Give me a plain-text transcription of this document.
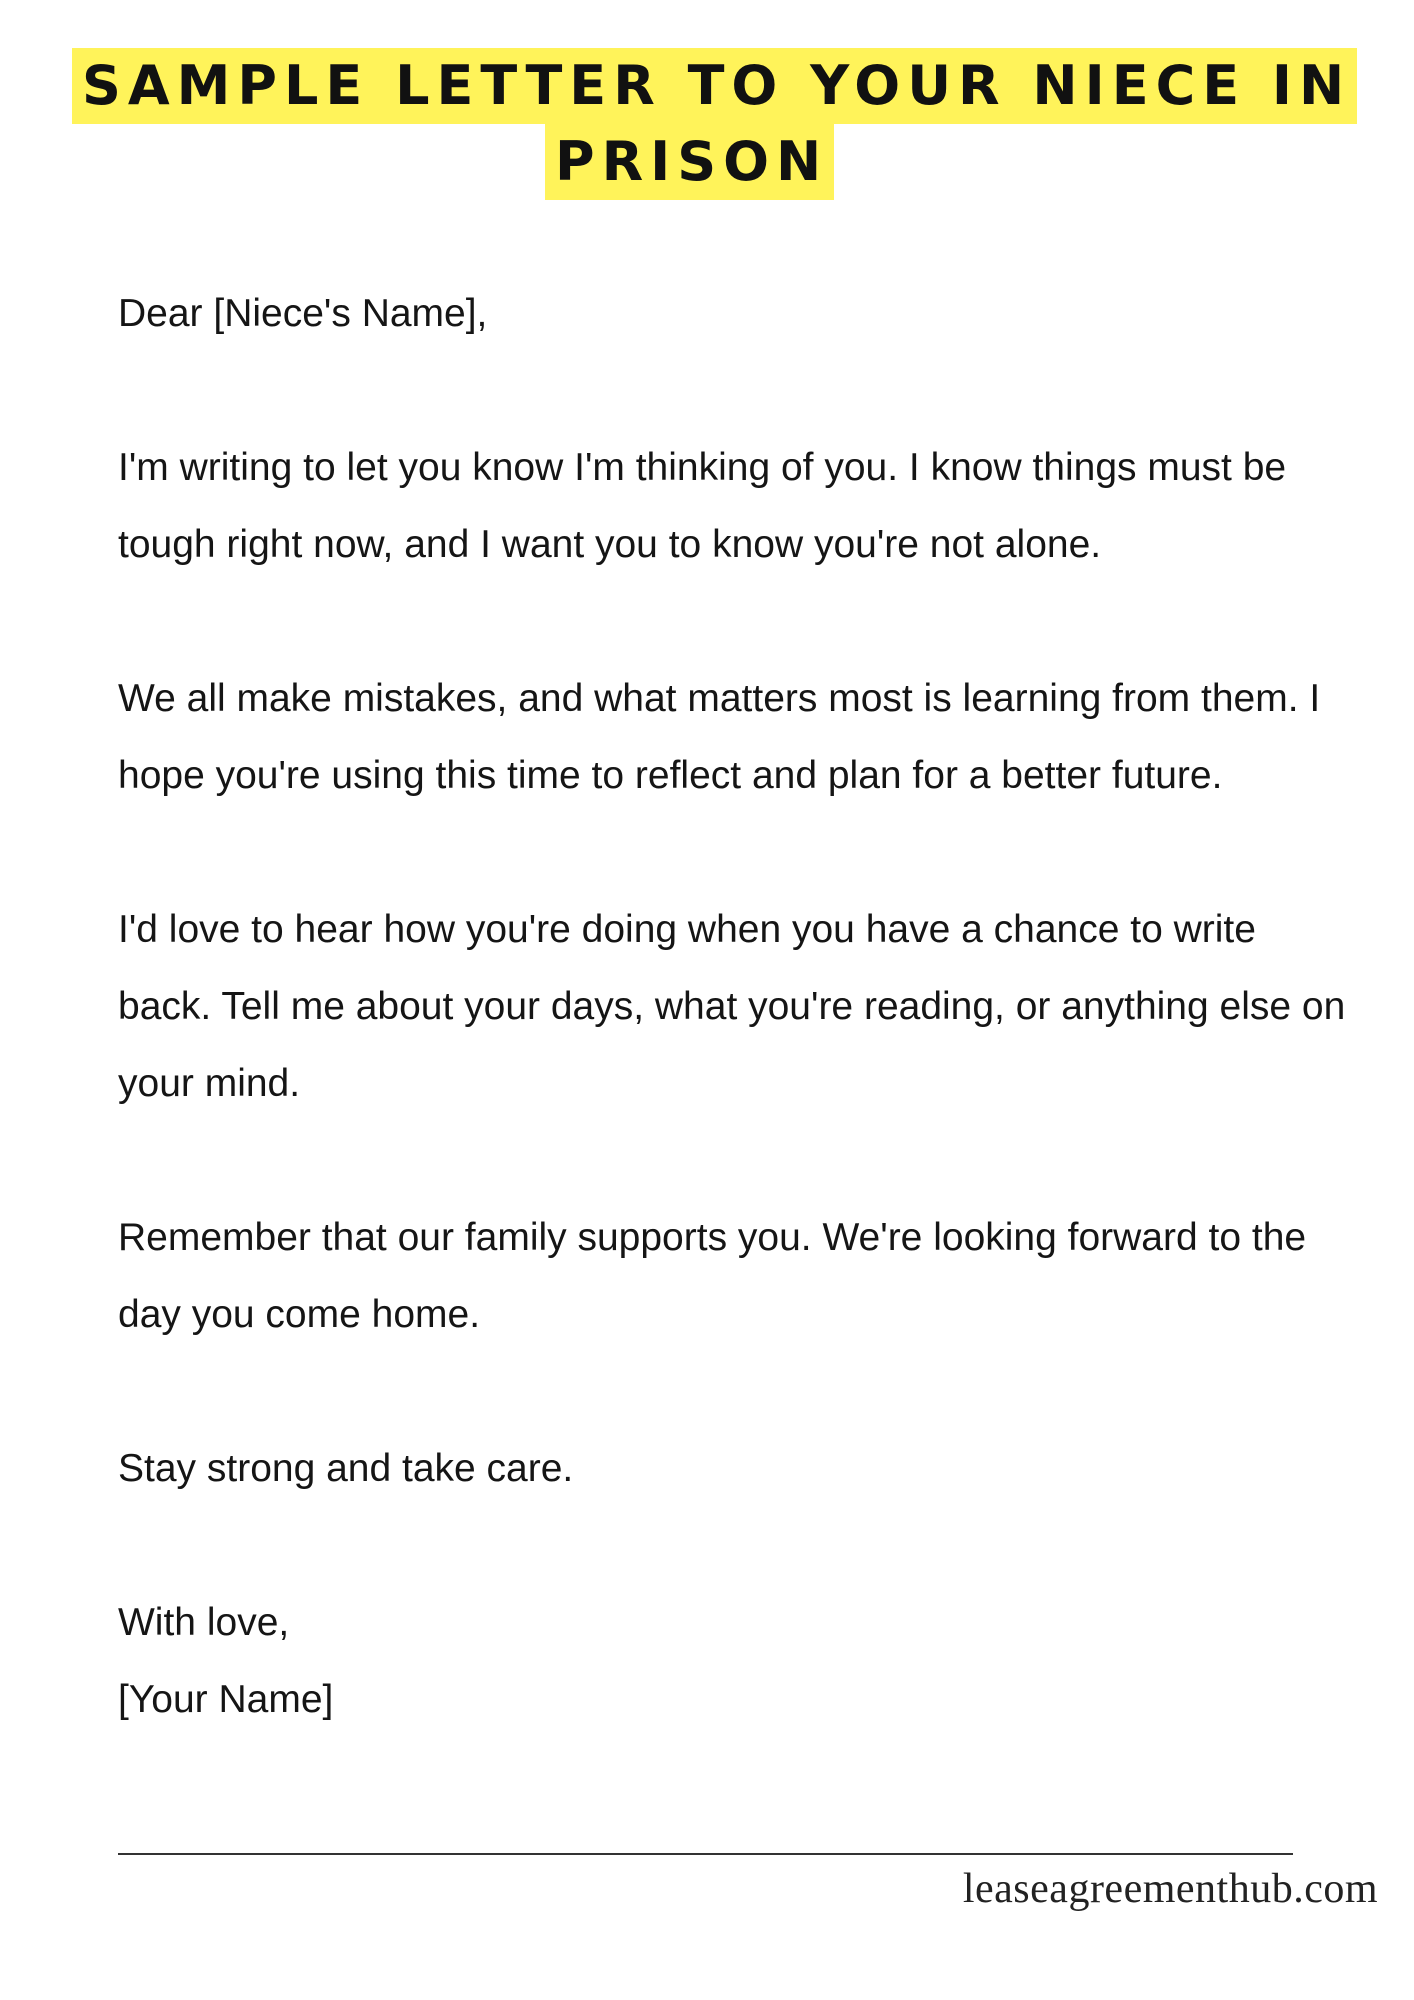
SAMPLE LETTER TO YOUR NIECE IN
PRISON

Dear [Niece's Name],

I'm writing to let you know I'm thinking of you. I know things must be tough right now, and I want you to know you're not alone.

We all make mistakes, and what matters most is learning from them. I hope you're using this time to reflect and plan for a better future.

I'd love to hear how you're doing when you have a chance to write back. Tell me about your days, what you're reading, or anything else on your mind.

Remember that our family supports you. We're looking forward to the day you come home.

Stay strong and take care.

With love,

[Your Name]

leaseagreementhub.com
